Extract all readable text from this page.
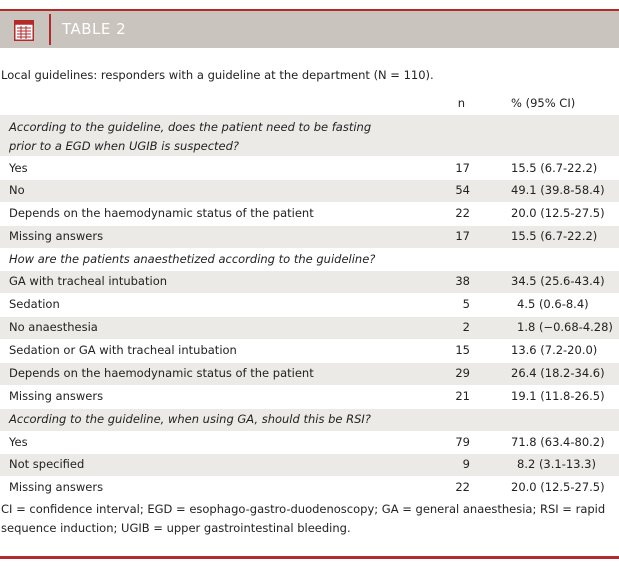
TABLE 2
Local guidelines: responders with a guideline at the department (N = 110).
n	% (95% CI)
According to the guideline, does the patient need to be fasting
prior to a EGD when UGIB is suspected?
Yes	17	15.5 (6.7-22.2)
No	54	49.1 (39.8-58.4)
Depends on the haemodynamic status of the patient	22	20.0 (12.5-27.5)
Missing answers	17	15.5 (6.7-22.2)
How are the patients anaesthetized according to the guideline?
GA with tracheal intubation	38	34.5 (25.6-43.4)
Sedation	5	4.5 (0.6-8.4)
No anaesthesia	2	1.8 (−0.68-4.28)
Sedation or GA with tracheal intubation	15	13.6 (7.2-20.0)
Depends on the haemodynamic status of the patient	29	26.4 (18.2-34.6)
Missing answers	21	19.1 (11.8-26.5)
According to the guideline, when using GA, should this be RSI?
Yes	79	71.8 (63.4-80.2)
Not specified	9	8.2 (3.1-13.3)
Missing answers	22	20.0 (12.5-27.5)
CI = confidence interval; EGD = esophago-gastro-duodenoscopy; GA = general anaesthesia; RSI = rapid sequence induction; UGIB = upper gastrointestinal bleeding.
